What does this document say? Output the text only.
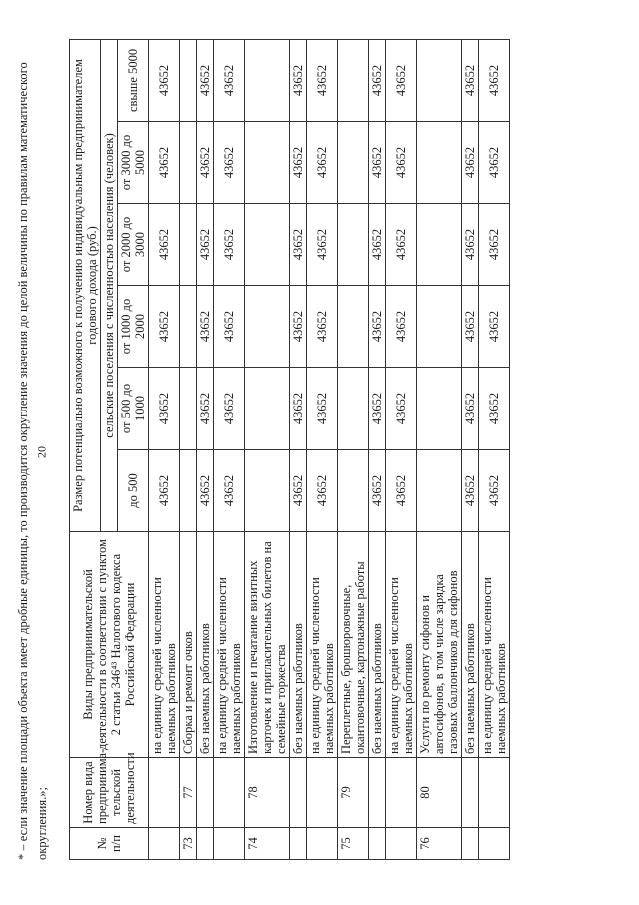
20
* – если значение площади объекта имеет дробные единицы, то производится округление значения до целой величины по правилам математического округления.»;	№ п/п	Номер вида предпринима-тельской деятельности	Виды предпринимательской деятельности в соответствии с пунктом 2 статьи 346⁴³ Налогового кодекса Российской Федерации	Размер потенциально возможного к получению индивидуальным предпринимателем годового дохода (руб.)					
			сельские поселения с численностью населения (человек)					
			до 500	от 500 до 1000	от 1000 до 2000	от 2000 до 3000	от 3000 до 5000	свыше 5000
		на единицу средней численности наемных работников	43652	43652	43652	43652	43652	43652
73	77	Сборка и ремонт очков						
		без наемных работников	43652	43652	43652	43652	43652	43652
		на единицу средней численности наемных работников	43652	43652	43652	43652	43652	43652
74	78	Изготовление и печатание визитных карточек и пригласительных билетов на семейные торжества						
		без наемных работников	43652	43652	43652	43652	43652	43652
		на единицу средней численности наемных работников	43652	43652	43652	43652	43652	43652
75	79	Переплетные, брошюровочные, окантовочные, картонажные работы						
		без наемных работников	43652	43652	43652	43652	43652	43652
		на единицу средней численности наемных работников	43652	43652	43652	43652	43652	43652
76	80	Услуги по ремонту сифонов и автосифонов, в том числе зарядка газовых баллончиков для сифонов						
		без наемных работников	43652	43652	43652	43652	43652	43652
		на единицу средней численности наемных работников	43652	43652	43652	43652	43652	43652
